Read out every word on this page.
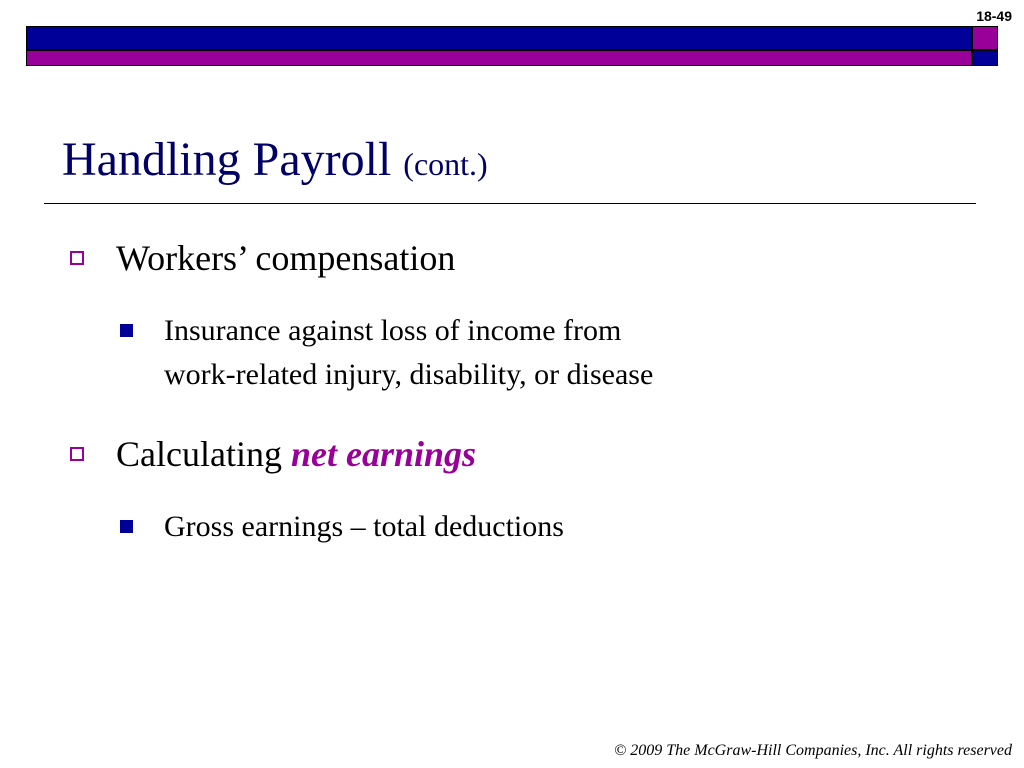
18-49
Handling Payroll (cont.)
Workers’ compensation
Insurance against loss of income from
work-related injury, disability, or disease
Calculating net earnings
Gross earnings – total deductions
© 2009 The McGraw-Hill Companies, Inc. All rights reserved
